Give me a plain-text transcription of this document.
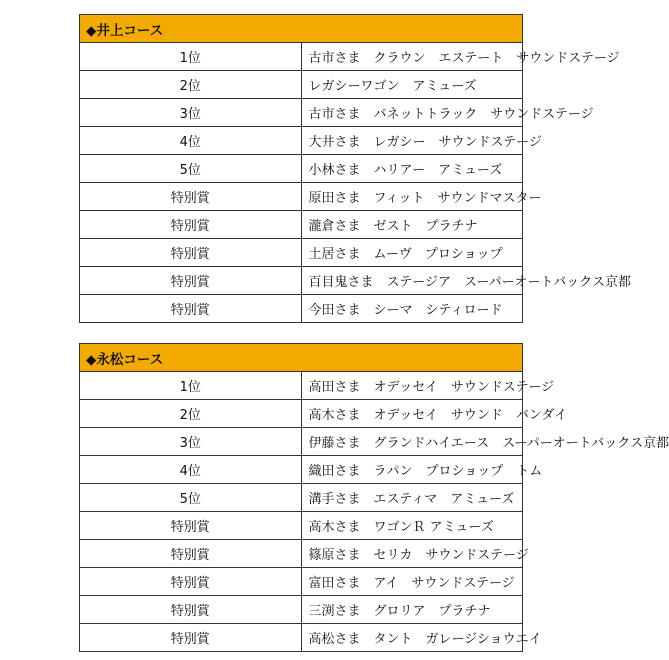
◆井上コース	
1位	古市さま　クラウン　エステート　サウンドステージ
2位	レガシーワゴン　アミューズ
3位	古市さま　バネットトラック　サウンドステージ
4位	大井さま　レガシー　サウンドステージ
5位	小林さま　ハリアー　アミューズ
特別賞	原田さま　フィット　サウンドマスター
特別賞	瀧倉さま　ゼスト　プラチナ
特別賞	土居さま　ムーヴ　プロショップ
特別賞	百目鬼さま　ステージア　スーパーオートバックス京都
特別賞	今田さま　シーマ　シティロード
◆永松コース	
1位	高田さま　オデッセイ　サウンドステージ
2位	高木さま　オデッセイ　サウンド　バンダイ
3位	伊藤さま　グランドハイエース　スーパーオートバックス京都
4位	織田さま　ラパン　プロショップ　トム
5位	溝手さま　エスティマ　アミューズ
特別賞	高木さま　ワゴンＲ アミューズ
特別賞	篠原さま　セリカ　サウンドステージ
特別賞	富田さま　アイ　サウンドステージ
特別賞	三渕さま　グロリア　プラチナ
特別賞	高松さま　タント　ガレージショウエイ
